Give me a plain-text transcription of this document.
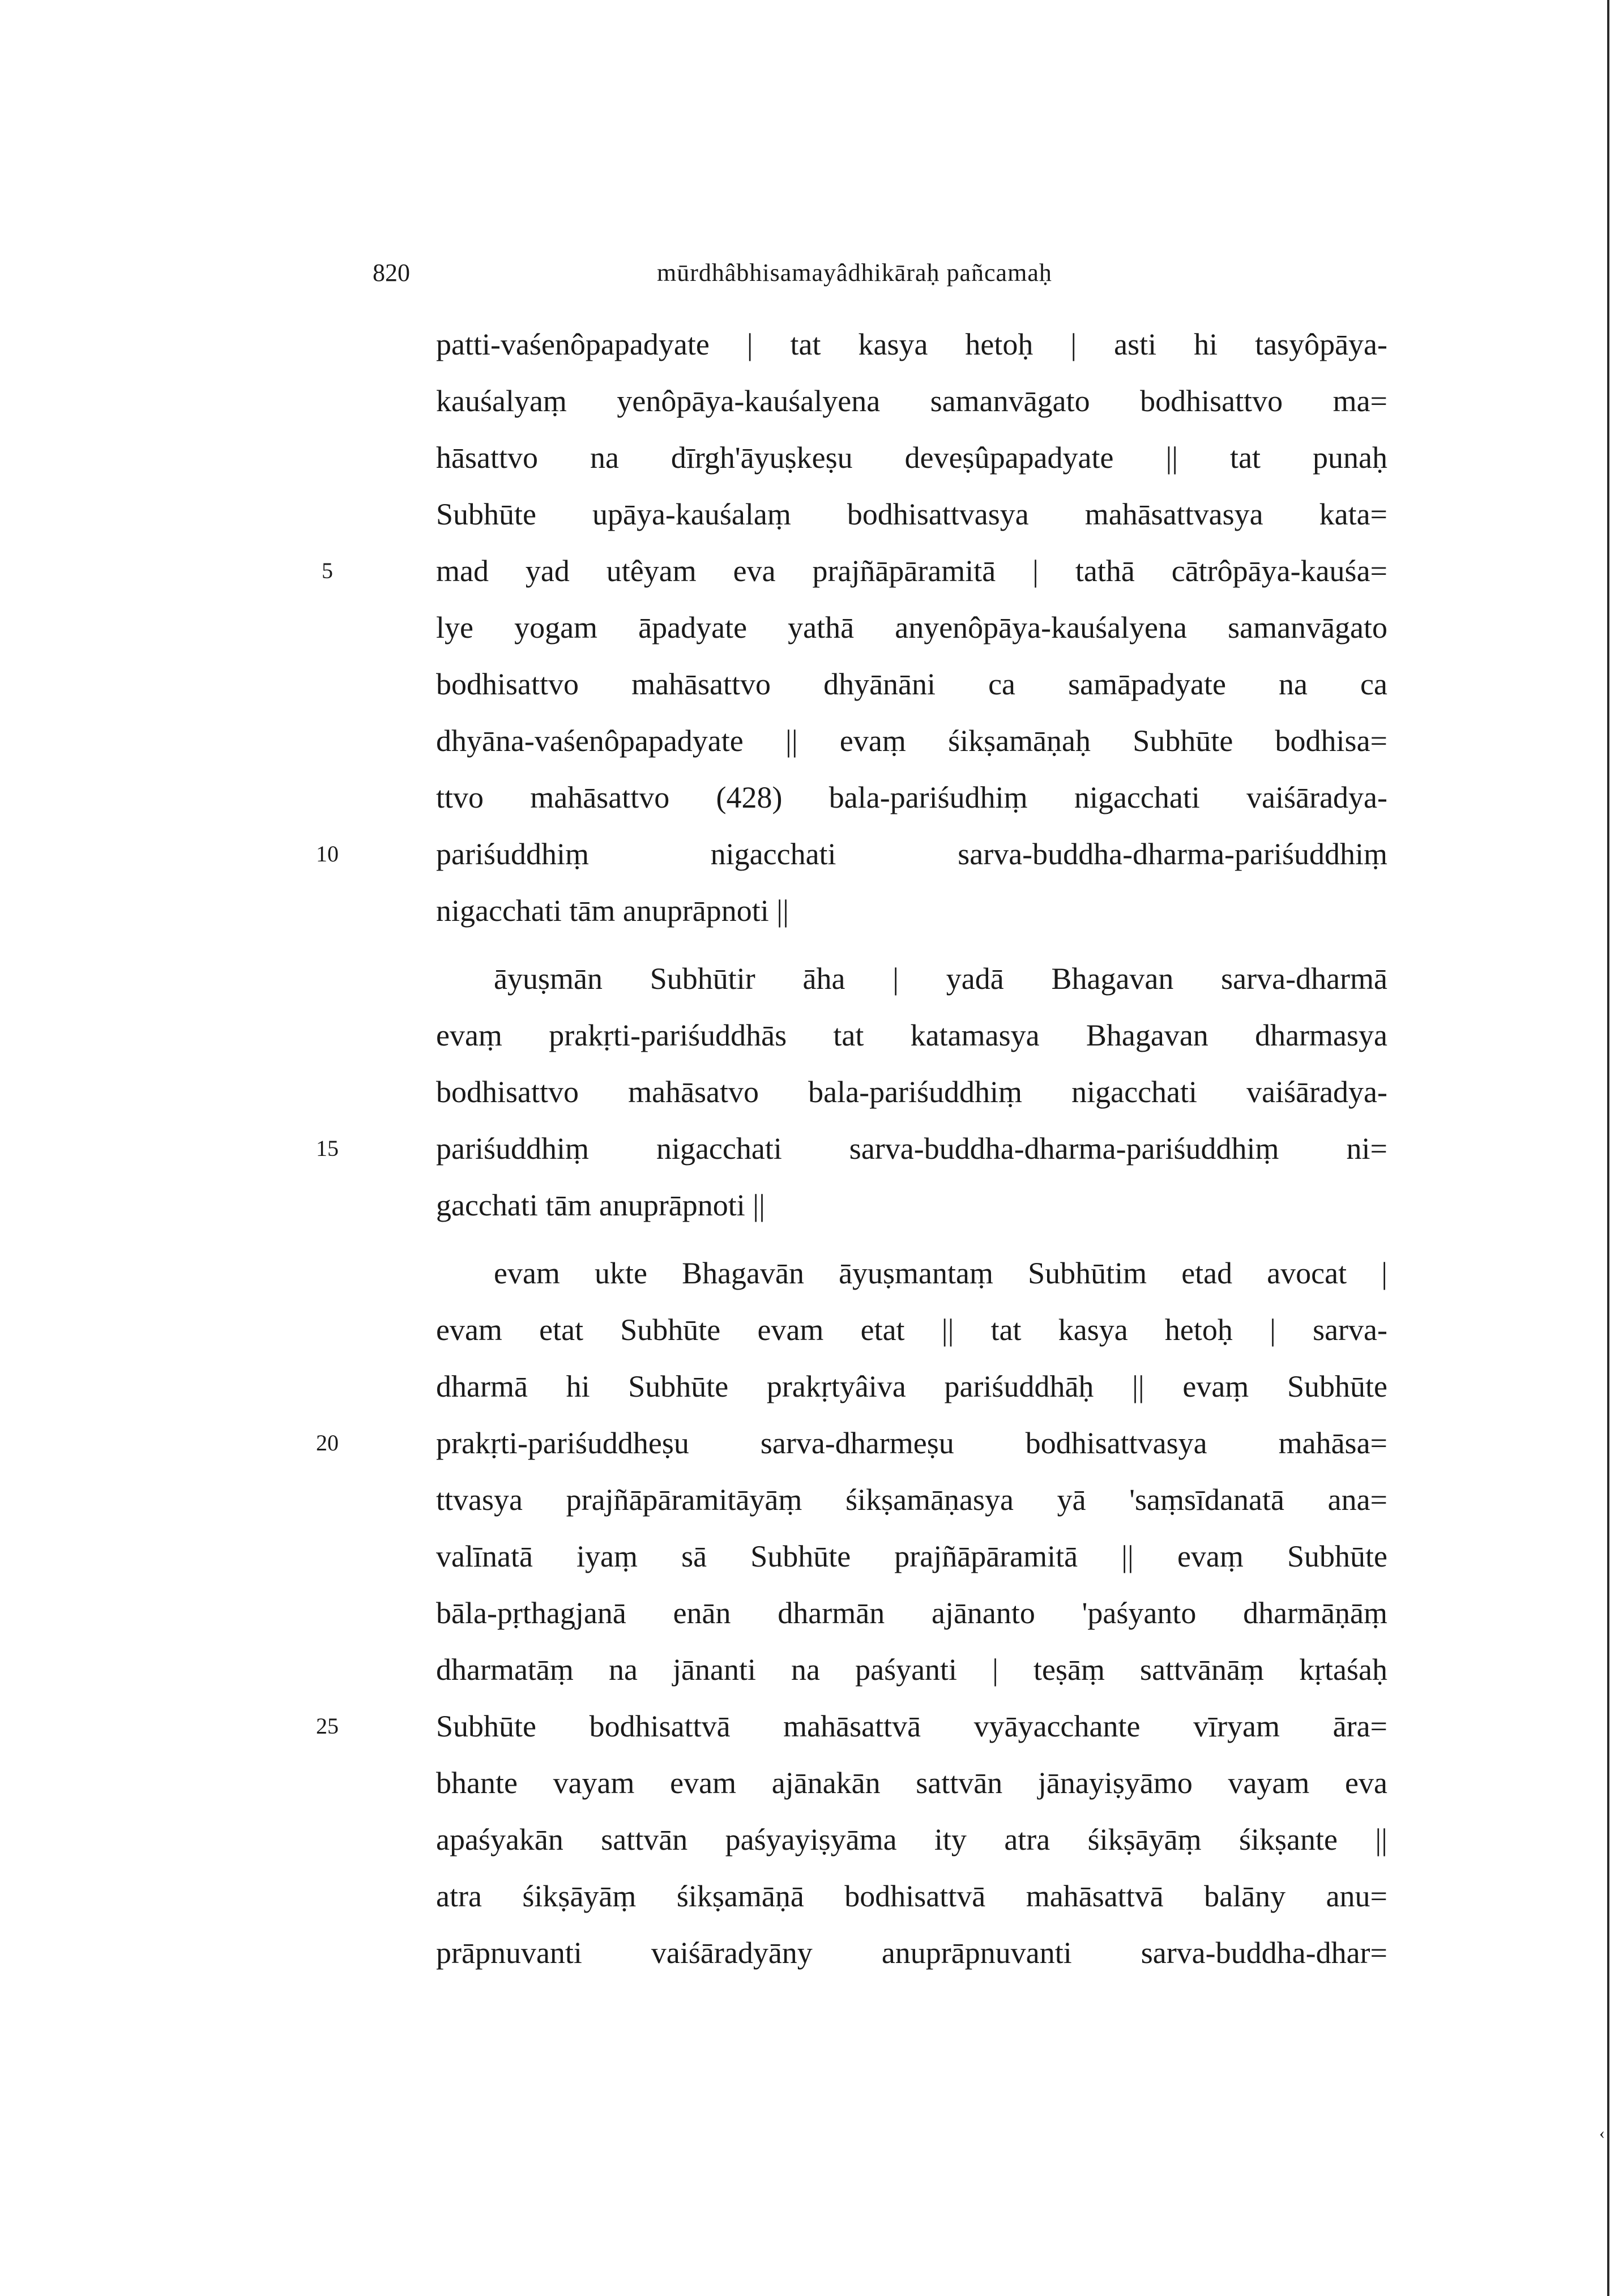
820	mūrdhâbhisamayâdhikāraḥ pañcamaḥ
patti-vaśenôpapadyate | tat kasya hetoḥ | asti hi tasyôpāya-
kauśalyaṃ yenôpāya-kauśalyena samanvāgato bodhisattvo ma=
hāsattvo na dīrgh'āyuṣkeṣu deveṣûpapadyate || tat punaḥ
Subhūte upāya-kauśalaṃ bodhisattvasya mahāsattvasya kata=
mad yad utêyam eva prajñāpāramitā | tathā cātrôpāya-kauśa=
lye yogam āpadyate yathā anyenôpāya-kauśalyena samanvāgato
bodhisattvo mahāsattvo dhyānāni ca samāpadyate na ca
dhyāna-vaśenôpapadyate || evaṃ śikṣamāṇaḥ Subhūte bodhisa=
ttvo mahāsattvo (428) bala-pariśudhiṃ nigacchati vaiśāradya-
pariśuddhiṃ nigacchati sarva-buddha-dharma-pariśuddhiṃ
nigacchati tām anuprāpnoti ||
āyuṣmān Subhūtir āha | yadā Bhagavan sarva-dharmā
evaṃ prakṛti-pariśuddhās tat katamasya Bhagavan dharmasya
bodhisattvo mahāsatvo bala-pariśuddhiṃ nigacchati vaiśāradya-
pariśuddhiṃ nigacchati sarva-buddha-dharma-pariśuddhiṃ ni=
gacchati tām anuprāpnoti ||
evam ukte Bhagavān āyuṣmantaṃ Subhūtim etad avocat |
evam etat Subhūte evam etat || tat kasya hetoḥ | sarva-
dharmā hi Subhūte prakṛtyâiva pariśuddhāḥ || evaṃ Subhūte
prakṛti-pariśuddheṣu sarva-dharmeṣu bodhisattvasya mahāsa=
ttvasya prajñāpāramitāyāṃ śikṣamāṇasya yā 'saṃsīdanatā ana=
valīnatā iyaṃ sā Subhūte prajñāpāramitā || evaṃ Subhūte
bāla-pṛthagjanā enān dharmān ajānanto 'paśyanto dharmāṇāṃ
dharmatāṃ na jānanti na paśyanti | teṣāṃ sattvānāṃ kṛtaśaḥ
Subhūte bodhisattvā mahāsattvā vyāyacchante vīryam āra=
bhante vayam evam ajānakān sattvān jānayiṣyāmo vayam eva
apaśyakān sattvān paśyayiṣyāma ity atra śikṣāyāṃ śikṣante ||
atra śikṣāyāṃ śikṣamāṇā bodhisattvā mahāsattvā balāny anu=
prāpnuvanti vaiśāradyāny anuprāpnuvanti sarva-buddha-dhar=
5
10
15
20
25
‹
